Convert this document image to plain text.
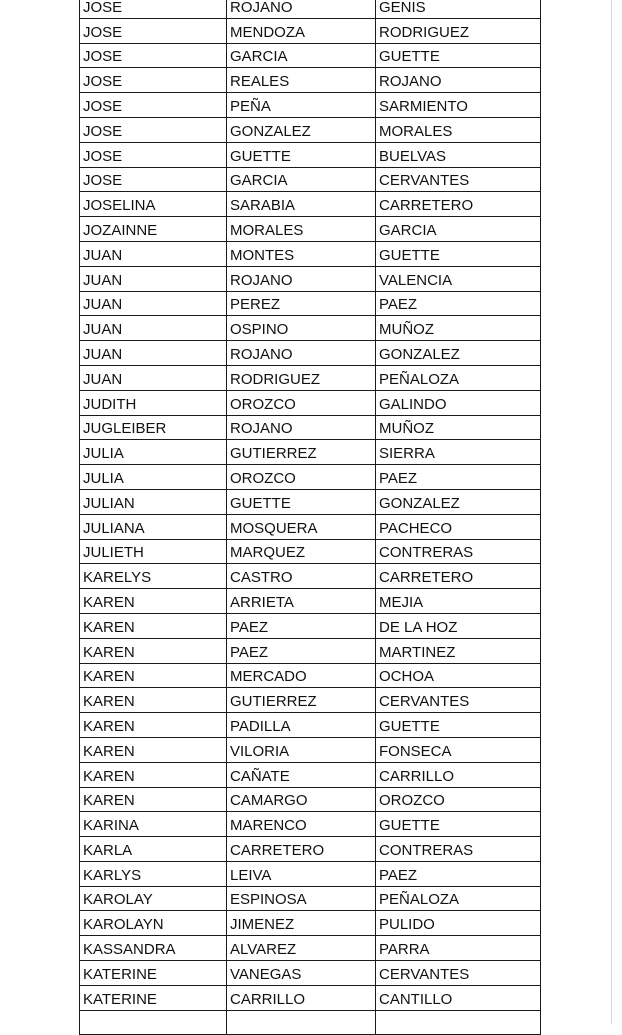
JOSE	ROJANO	GENIS
JOSE	MENDOZA	RODRIGUEZ
JOSE	GARCIA	GUETTE
JOSE	REALES	ROJANO
JOSE	PEÑA	SARMIENTO
JOSE	GONZALEZ	MORALES
JOSE	GUETTE	BUELVAS
JOSE	GARCIA	CERVANTES
JOSELINA	SARABIA	CARRETERO
JOZAINNE	MORALES	GARCIA
JUAN	MONTES	GUETTE
JUAN	ROJANO	VALENCIA
JUAN	PEREZ	PAEZ
JUAN	OSPINO	MUÑOZ
JUAN	ROJANO	GONZALEZ
JUAN	RODRIGUEZ	PEÑALOZA
JUDITH	OROZCO	GALINDO
JUGLEIBER	ROJANO	MUÑOZ
JULIA	GUTIERREZ	SIERRA
JULIA	OROZCO	PAEZ
JULIAN	GUETTE	GONZALEZ
JULIANA	MOSQUERA	PACHECO
JULIETH	MARQUEZ	CONTRERAS
KARELYS	CASTRO	CARRETERO
KAREN	ARRIETA	MEJIA
KAREN	PAEZ	DE LA HOZ
KAREN	PAEZ	MARTINEZ
KAREN	MERCADO	OCHOA
KAREN	GUTIERREZ	CERVANTES
KAREN	PADILLA	GUETTE
KAREN	VILORIA	FONSECA
KAREN	CAÑATE	CARRILLO
KAREN	CAMARGO	OROZCO
KARINA	MARENCO	GUETTE
KARLA	CARRETERO	CONTRERAS
KARLYS	LEIVA	PAEZ
KAROLAY	ESPINOSA	PEÑALOZA
KAROLAYN	JIMENEZ	PULIDO
KASSANDRA	ALVAREZ	PARRA
KATERINE	VANEGAS	CERVANTES
KATERINE	CARRILLO	CANTILLO
